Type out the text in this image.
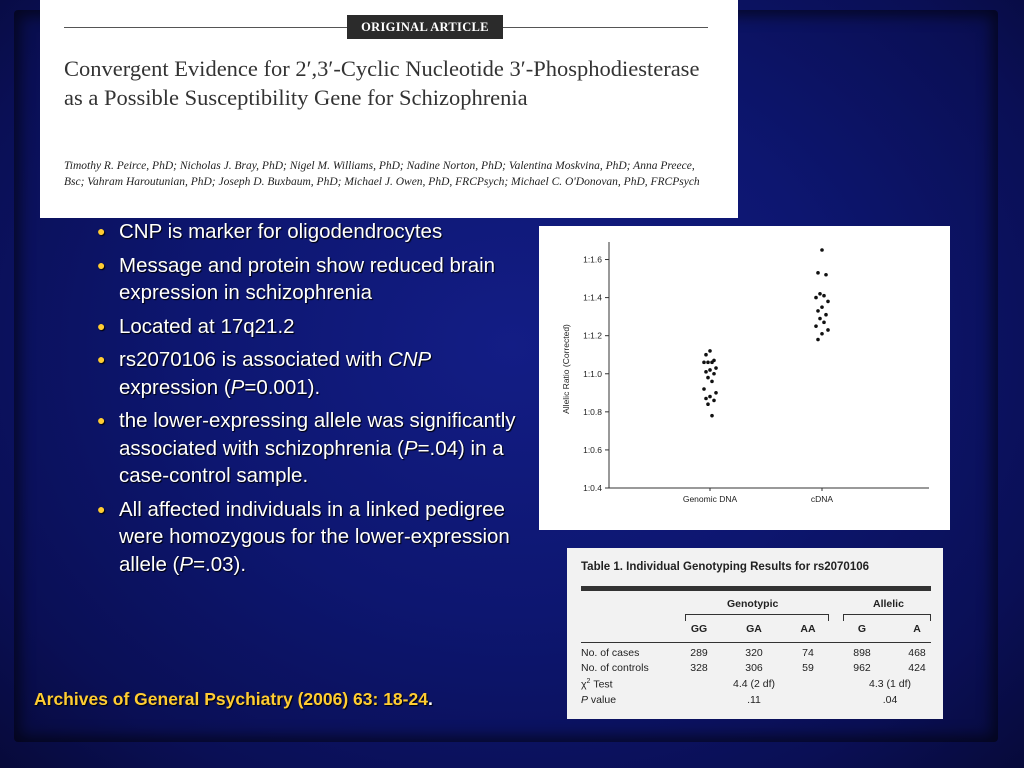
ORIGINAL ARTICLE
Convergent Evidence for 2′,3′-Cyclic Nucleotide 3′-Phosphodiesterase as a Possible Susceptibility Gene for Schizophrenia
Timothy R. Peirce, PhD; Nicholas J. Bray, PhD; Nigel M. Williams, PhD; Nadine Norton, PhD; Valentina Moskvina, PhD; Anna Preece, Bsc; Vahram Haroutunian, PhD; Joseph D. Buxbaum, PhD; Michael J. Owen, PhD, FRCPsych; Michael C. O'Donovan, PhD, FRCPsych
● CNP is marker for oligodendrocytes
● Message and protein show reduced brain expression in schizophrenia
● Located at 17q21.2
● rs2070106 is associated with CNP expression (P=0.001).
● the lower-expressing allele was significantly associated with schizophrenia (P=.04) in a case-control sample.
● All affected individuals in a linked pedigree were homozygous for the lower-expression allele (P=.03).
Archives of General Psychiatry (2006) 63: 18-24.
1:0.4
1:0.6
1:0.8
1:1.0
1:1.2
1:1.4
1:1.6
Genomic DNA	cDNA
Allelic Ratio (Corrected)
Table 1. Individual Genotyping Results for rs2070106
Genotypic	Allelic
GG	GA	AA	G	A
No. of cases	289	320	74	898	468
No. of controls	328	306	59	962	424
$\chi^2$ Test	4.4 (2 df)	4.3 (1 df)
P value	.11	.04
